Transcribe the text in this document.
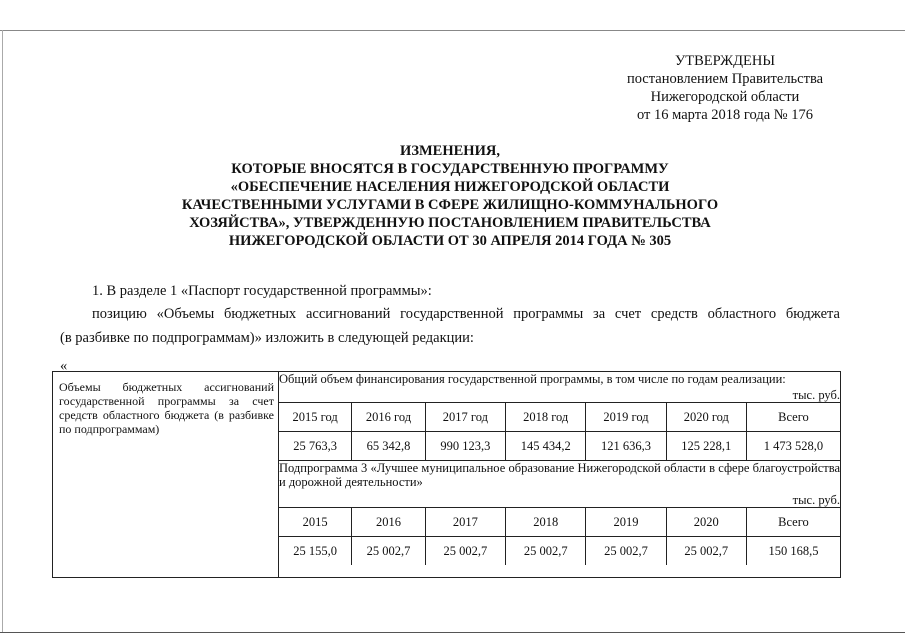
УТВЕРЖДЕНЫ
постановлением Правительства
Нижегородской области
от 16 марта 2018 года № 176
ИЗМЕНЕНИЯ,
КОТОРЫЕ ВНОСЯТСЯ В ГОСУДАРСТВЕННУЮ ПРОГРАММУ
«ОБЕСПЕЧЕНИЕ НАСЕЛЕНИЯ НИЖЕГОРОДСКОЙ ОБЛАСТИ
КАЧЕСТВЕННЫМИ УСЛУГАМИ В СФЕРЕ ЖИЛИЩНО-КОММУНАЛЬНОГО
ХОЗЯЙСТВА», УТВЕРЖДЕННУЮ ПОСТАНОВЛЕНИЕМ ПРАВИТЕЛЬСТВА
НИЖЕГОРОДСКОЙ ОБЛАСТИ ОТ 30 АПРЕЛЯ 2014 ГОДА № 305
1. В разделе 1 «Паспорт государственной программы»:
позицию «Объемы бюджетных ассигнований государственной программы за счет средств областного бюджета
(в разбивке по подпрограммам)» изложить в следующей редакции:
«
Объемы бюджетных ассигнований государственной программы за счет средств областного бюджета (в разбивке по подпрограммам)

Общий объем финансирования государственной программы, в том числе по годам реализации:
тыс. руб.

2015 год	2016 год	2017 год	2018 год	2019 год	2020 год	Всего
25 763,3	65 342,8	990 123,3	145 434,2	121 636,3	125 228,1	1 473 528,0

Подпрограмма 3 «Лучшее муниципальное образование Нижегородской области в сфере благоустройства и дорожной деятельности»
тыс. руб.

2015	2016	2017	2018	2019	2020	Всего
25 155,0	25 002,7	25 002,7	25 002,7	25 002,7	25 002,7	150 168,5
